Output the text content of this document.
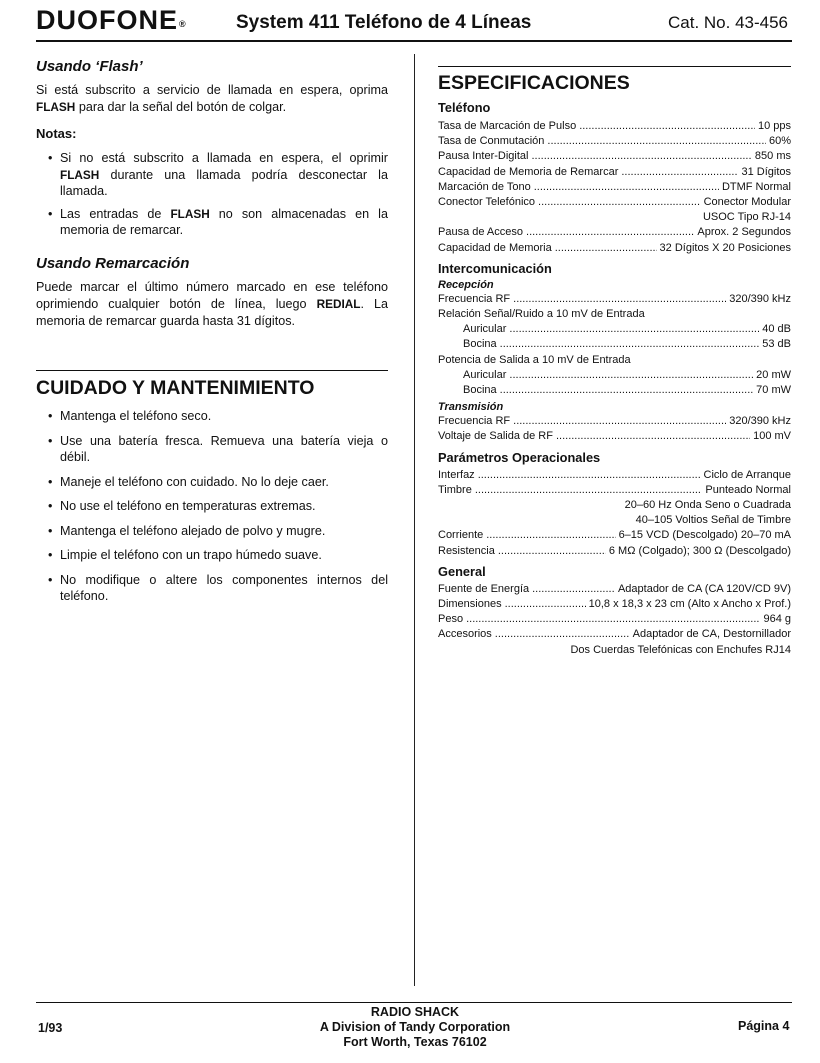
DUOFONE®	System 411 Teléfono de 4 Líneas	Cat. No. 43-456
Usando ‘Flash’
Si está subscrito a servicio de llamada en espera, oprima FLASH para dar la señal del botón de colgar.
Notas:
• Si no está subscrito a llamada en espera, el oprimir FLASH durante una llamada podría desconectar la llamada.
• Las entradas de FLASH no son almacenadas en la memoria de remarcar.
Usando Remarcación
Puede marcar el último número marcado en ese teléfono oprimiendo cualquier botón de línea, luego REDIAL. La memoria de remarcar guarda hasta 31 dígitos.
CUIDADO Y MANTENIMIENTO
• Mantenga el teléfono seco.
• Use una batería fresca. Remueva una batería vieja o débil.
• Maneje el teléfono con cuidado. No lo deje caer.
• No use el teléfono en temperaturas extremas.
• Mantenga el teléfono alejado de polvo y mugre.
• Limpie el teléfono con un trapo húmedo suave.
• No modifique o altere los componentes internos del teléfono.
ESPECIFICACIONES
Teléfono
Tasa de Marcación de Pulso .....	10 pps
Tasa de Conmutación .....	60%
Pausa Inter-Digital .....	850 ms
Capacidad de Memoria de Remarcar .....	31 Dígitos
Marcación de Tono .....	DTMF Normal
Conector Telefónico .....	Conector Modular
USOC Tipo RJ-14
Pausa de Acceso .....	Aprox. 2 Segundos
Capacidad de Memoria .....	32 Dígitos X 20 Posiciones
Intercomunicación
Recepción
Frecuencia RF .....	320/390 kHz
Relación Señal/Ruido a 10 mV de Entrada
Auricular .....	40 dB
Bocina .....	53 dB
Potencia de Salida a 10 mV de Entrada
Auricular .....	20 mW
Bocina .....	70 mW
Transmisión
Frecuencia RF .....	320/390 kHz
Voltaje de Salida de RF .....	100 mV
Parámetros Operacionales
Interfaz .....	Ciclo de Arranque
Timbre .....	Punteado Normal
20–60 Hz Onda Seno o Cuadrada
40–105 Voltios Señal de Timbre
Corriente .....	6–15 VCD (Descolgado) 20–70 mA
Resistencia .....	6 MΩ (Colgado); 300 Ω (Descolgado)
General
Fuente de Energía .....	Adaptador de CA (CA 120V/CD 9V)
Dimensiones .....	10,8 x 18,3 x 23 cm (Alto x Ancho x Prof.)
Peso .....	964 g
Accesorios .....	Adaptador de CA, Destornillador
Dos Cuerdas Telefónicas con Enchufes RJ14
RADIO SHACK
A Division of Tandy Corporation
Fort Worth, Texas 76102
1/93	Página 4
